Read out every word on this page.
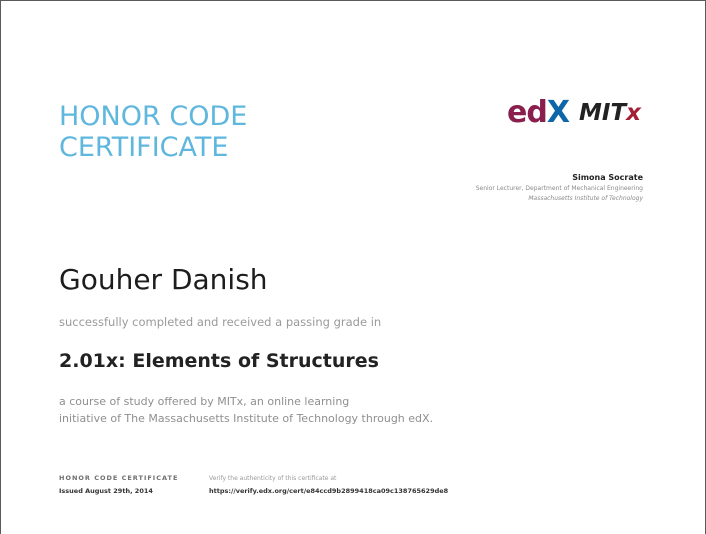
HONOR CODE
CERTIFICATE
edX MITx
Simona Socrate
Senior Lecturer, Department of Mechanical Engineering
Massachusetts Institute of Technology
Gouher Danish
successfully completed and received a passing grade in
2.01x: Elements of Structures
a course of study offered by MITx, an online learning
initiative of The Massachusetts Institute of Technology through edX.
HONOR CODE CERTIFICATE
Issued August 29th, 2014
Verify the authenticity of this certificate at
https://verify.edx.org/cert/e84ccd9b2899418ca09c138765629de8
